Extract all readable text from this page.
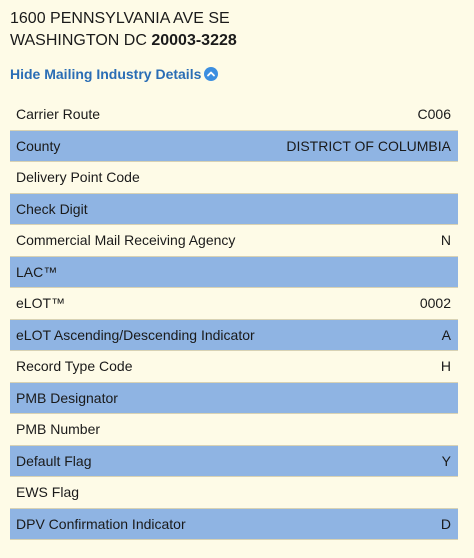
1600 PENNSYLVANIA AVE SE
WASHINGTON DC 20003-3228
Hide Mailing Industry Details
Carrier Route	C006
County	DISTRICT OF COLUMBIA
Delivery Point Code
Check Digit
Commercial Mail Receiving Agency	N
LAC™
eLOT™	0002
eLOT Ascending/Descending Indicator	A
Record Type Code	H
PMB Designator
PMB Number
Default Flag	Y
EWS Flag
DPV Confirmation Indicator	D
